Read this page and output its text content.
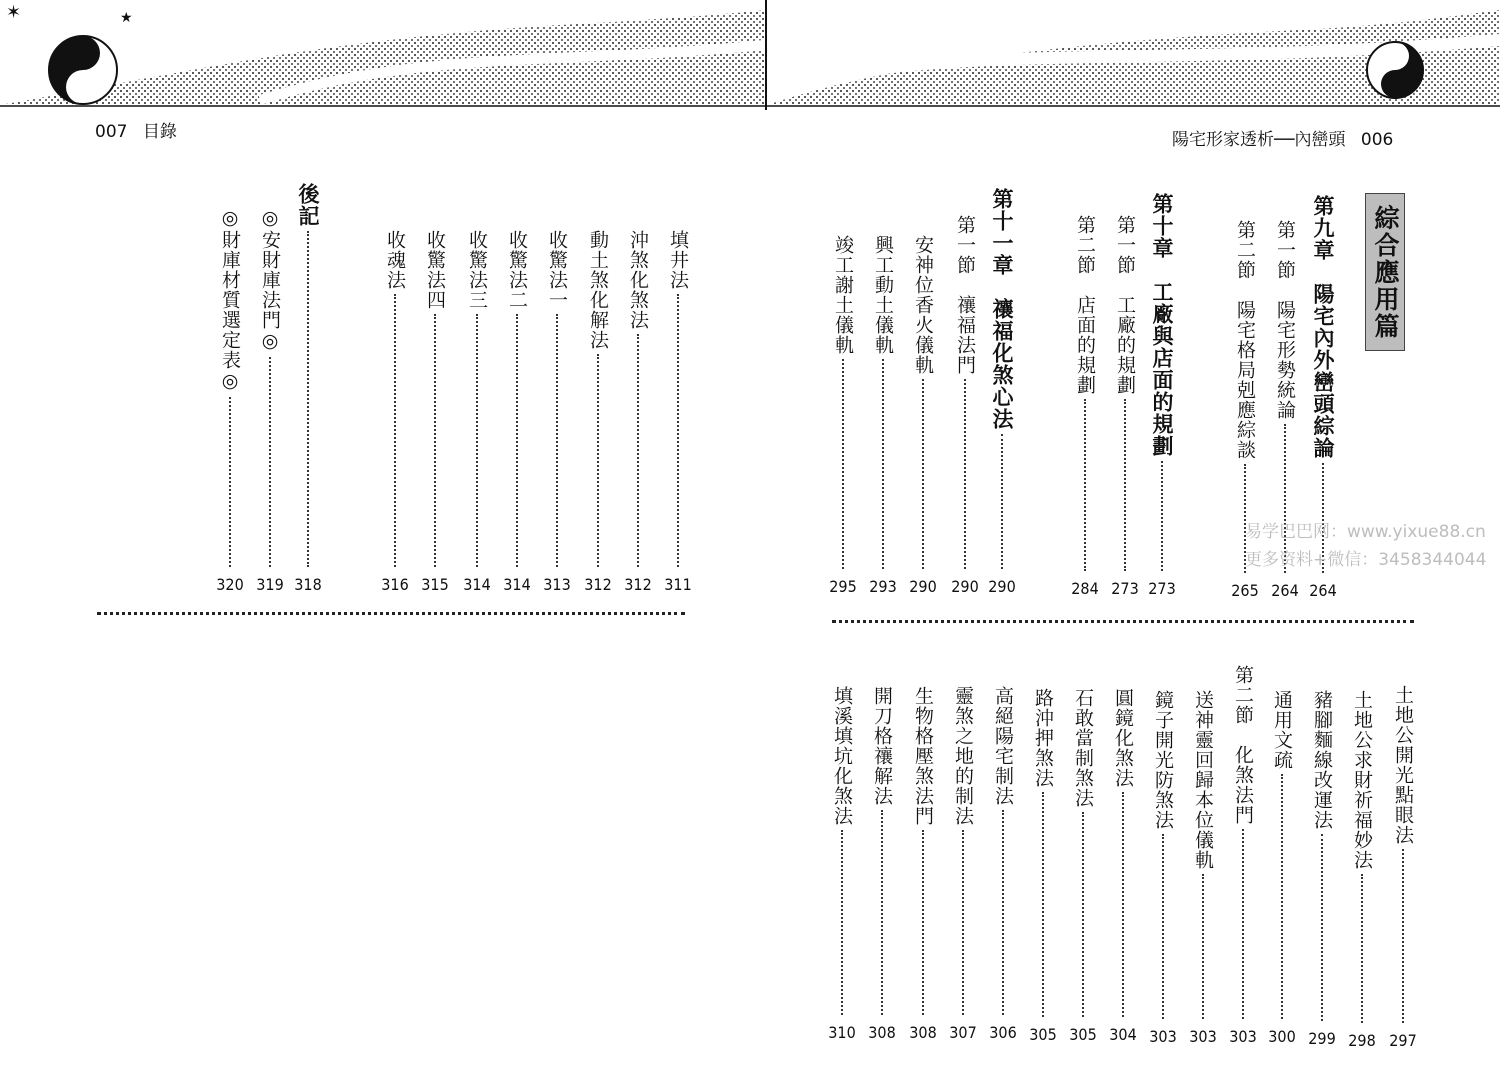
✶	★
007 目錄	陽宅形家透析──內巒頭 006
綜合應用篇
第九章　陽宅內外巒頭綜論
264
第一節　陽宅形勢統論
264
第二節　陽宅格局剋應綜談
265
第十章　工廠與店面的規劃
273
第一節　工廠的規劃
273
第二節　店面的規劃
284
第十一章　禳福化煞心法
290
第一節　禳福法門
290
安神位香火儀軌
290
興工動土儀軌
293
竣工謝土儀軌
295
易学巴巴网：www.yixue88.cn
更多资料+微信：3458344044
土地公開光點眼法
297
土地公求財祈福妙法
298
豬腳麵線改運法
299
通用文疏
300
第二節　化煞法門
303
送神靈回歸本位儀軌
303
鏡子開光防煞法
303
圓鏡化煞法
304
石敢當制煞法
305
路沖押煞法
305
高絕陽宅制法
306
靈煞之地的制法
307
生物格壓煞法門
308
開刀格禳解法
308
填溪填坑化煞法
310
填井法
311
沖煞化煞法
312
動土煞化解法
312
收驚法一
313
收驚法二
314
收驚法三
314
收驚法四
315
收魂法
316
後記
318
◎安財庫法門◎
319
◎財庫材質選定表◎
320
